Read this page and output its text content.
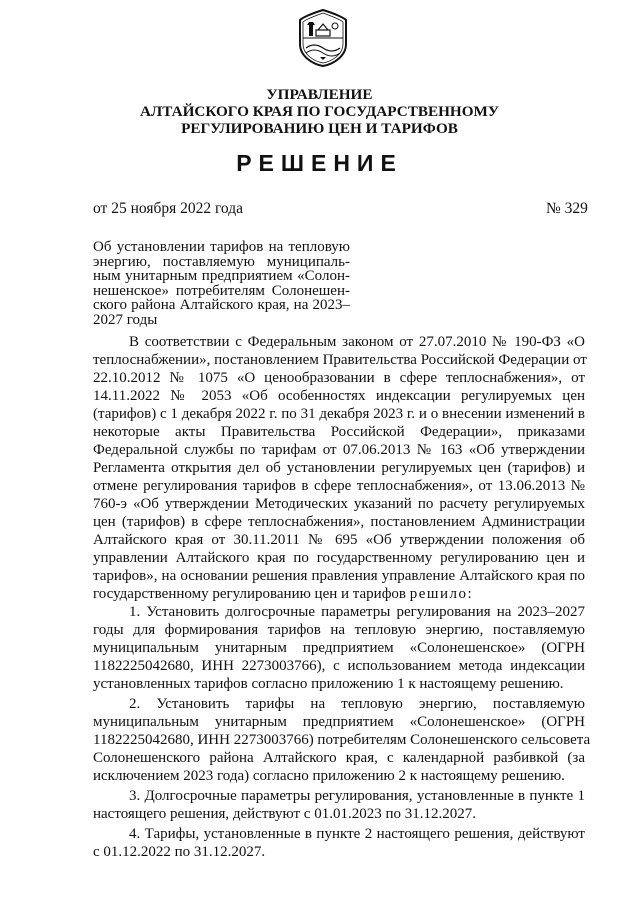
УПРАВЛЕНИЕ
АЛТАЙСКОГО КРАЯ ПО ГОСУДАРСТВЕННОМУ
РЕГУЛИРОВАНИЮ ЦЕН И ТАРИФОВ
РЕШЕНИЕ
от 25 ноября 2022 года	№ 329
Об установлении тарифов на тепловую
энергию, поставляемую муниципаль-
ным унитарным предприятием «Солон-
нешенское» потребителям Солонешен-
ского района Алтайского края, на 2023–
2027 годы
В соответствии с Федеральным законом от 27.07.2010 № 190-ФЗ «О
теплоснабжении», постановлением Правительства Российской Федерации от
22.10.2012 № 1075 «О ценообразовании в сфере теплоснабжения», от
14.11.2022 № 2053 «Об особенностях индексации регулируемых цен
(тарифов) с 1 декабря 2022 г. по 31 декабря 2023 г. и о внесении изменений в
некоторые акты Правительства Российской Федерации», приказами
Федеральной службы по тарифам от 07.06.2013 № 163 «Об утверждении
Регламента открытия дел об установлении регулируемых цен (тарифов) и
отмене регулирования тарифов в сфере теплоснабжения», от 13.06.2013 №
760-э «Об утверждении Методических указаний по расчету регулируемых
цен (тарифов) в сфере теплоснабжения», постановлением Администрации
Алтайского края от 30.11.2011 № 695 «Об утверждении положения об
управлении Алтайского края по государственному регулированию цен и
тарифов», на основании решения правления управление Алтайского края по
государственному регулированию цен и тарифов решило:
1. Установить долгосрочные параметры регулирования на 2023–2027
годы для формирования тарифов на тепловую энергию, поставляемую
муниципальным унитарным предприятием «Солонешенское» (ОГРН
1182225042680, ИНН 2273003766), с использованием метода индексации
установленных тарифов согласно приложению 1 к настоящему решению.
2. Установить тарифы на тепловую энергию, поставляемую
муниципальным унитарным предприятием «Солонешенское» (ОГРН
1182225042680, ИНН 2273003766) потребителям Солонешенского сельсовета
Солонешенского района Алтайского края, с календарной разбивкой (за
исключением 2023 года) согласно приложению 2 к настоящему решению.
3. Долгосрочные параметры регулирования, установленные в пункте 1
настоящего решения, действуют с 01.01.2023 по 31.12.2027.
4. Тарифы, установленные в пункте 2 настоящего решения, действуют
с 01.12.2022 по 31.12.2027.
